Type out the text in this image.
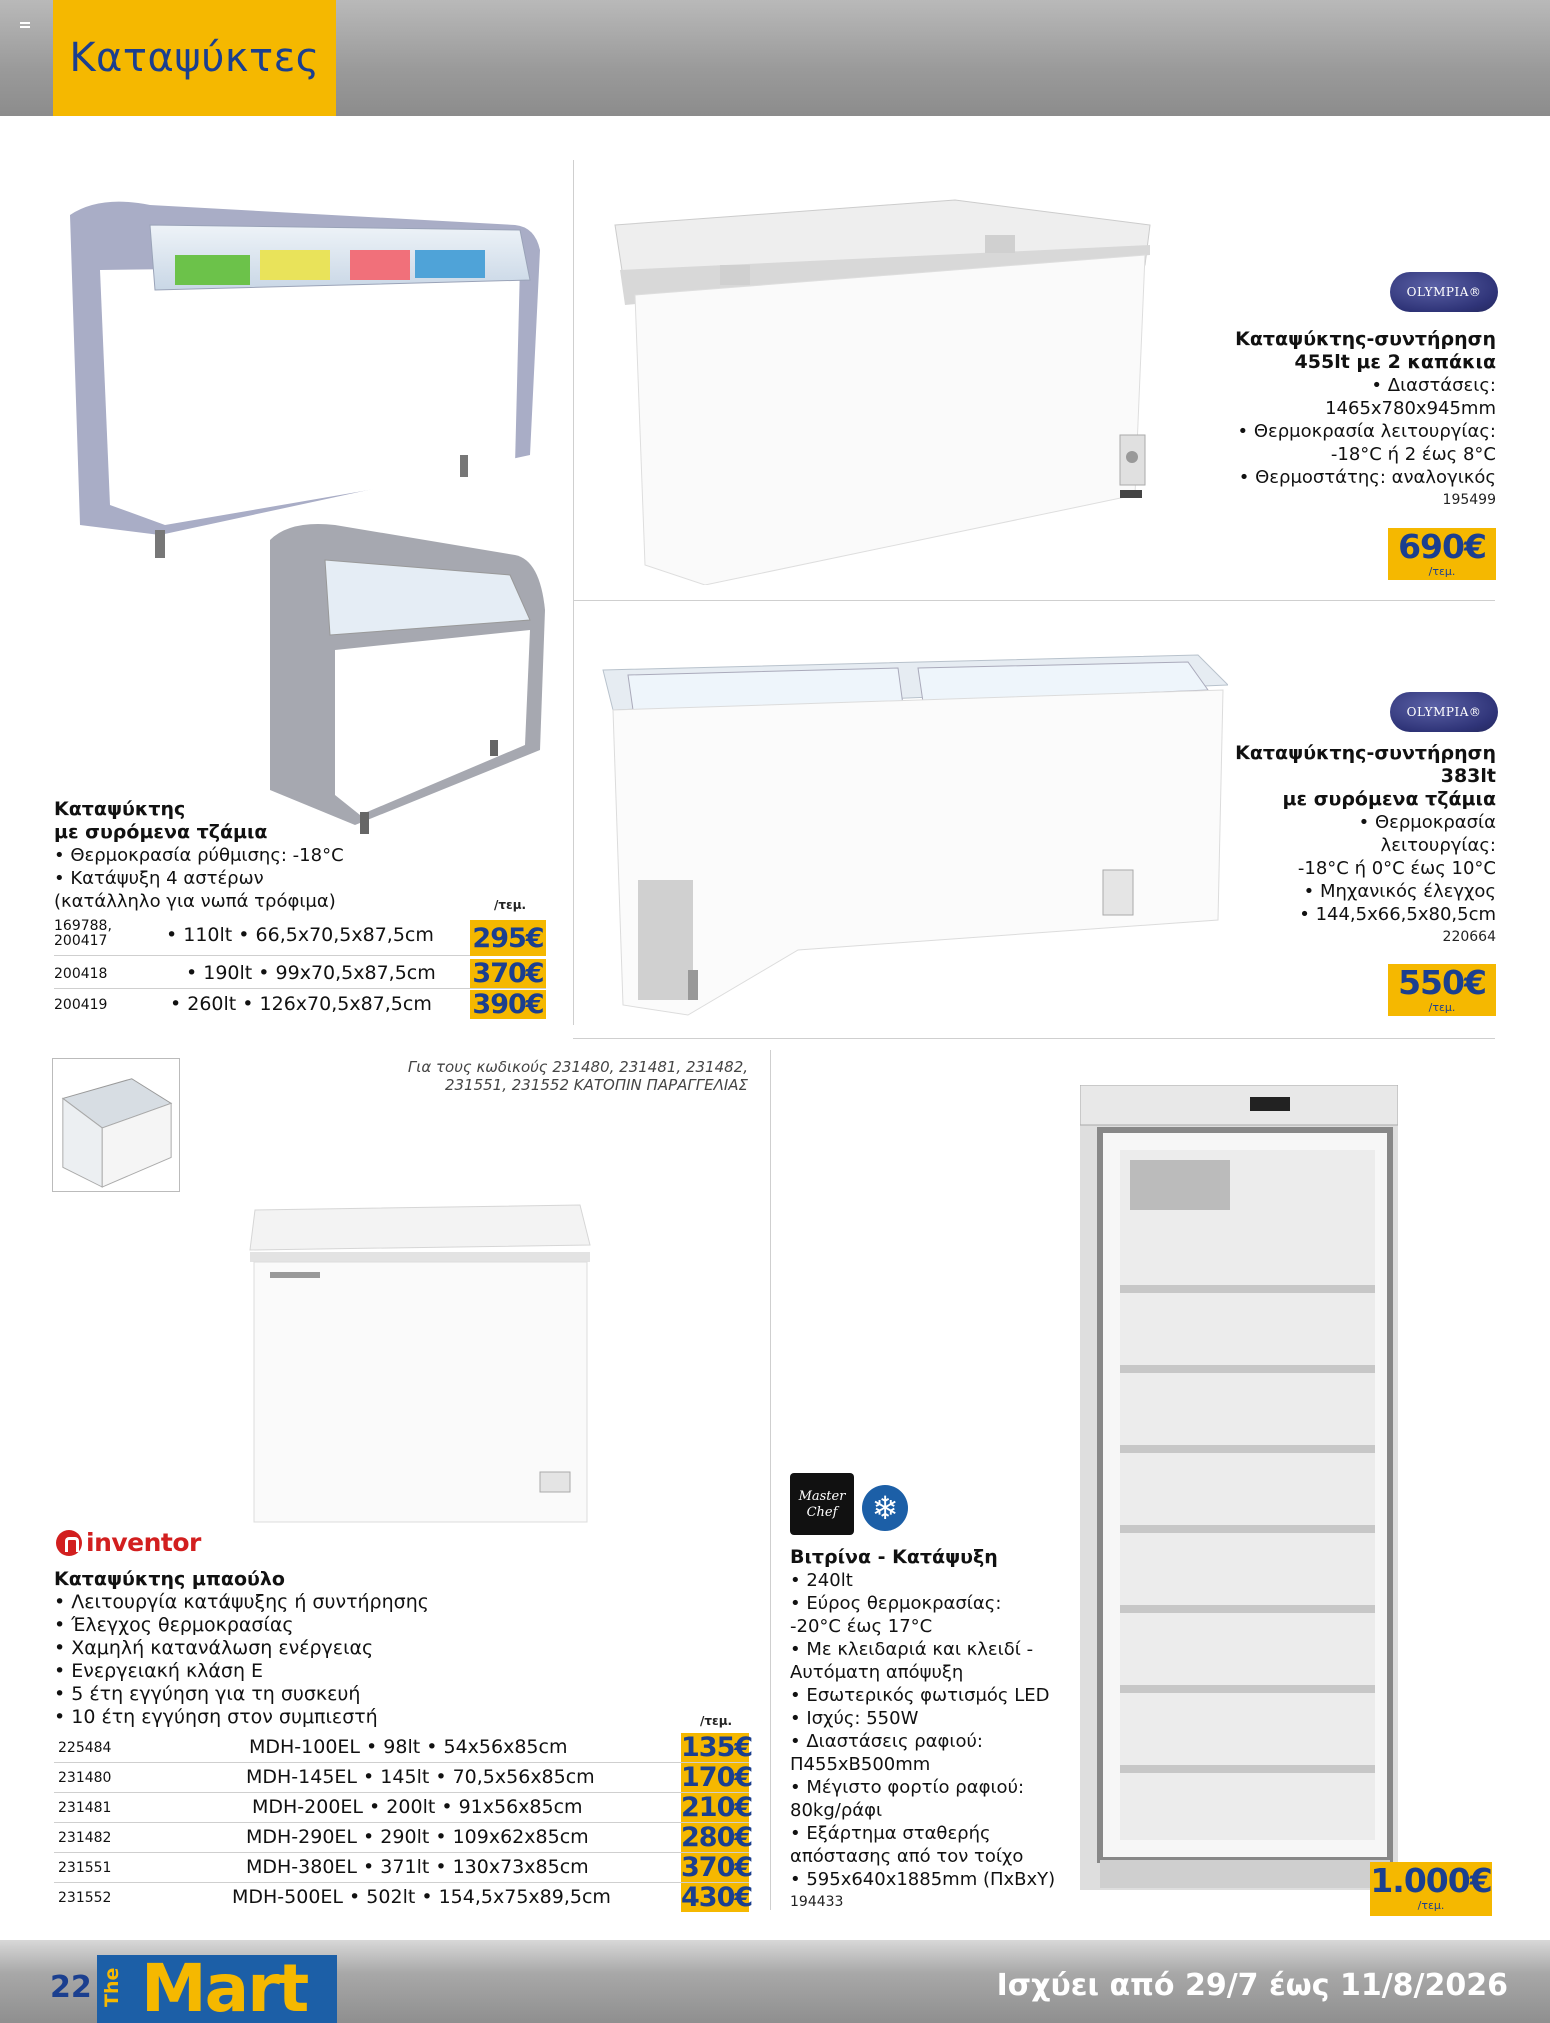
Καταψύκτες
OLYMPIA®
Καταψύκτης-συντήρηση
455lt με 2 καπάκια
• Διαστάσεις:
1465x780x945mm
• Θερμοκρασία λειτουργίας:
-18°C ή 2 έως 8°C
• Θερμοστάτης: αναλογικός
195499
690€
/τεμ.
OLYMPIA®
Καταψύκτης-συντήρηση
383lt
με συρόμενα τζάμια
• Θερμοκρασία
λειτουργίας:
-18°C ή 0°C έως 10°C
• Μηχανικός έλεγχος
• 144,5x66,5x80,5cm
220664
550€
/τεμ.
Καταψύκτης
με συρόμενα τζάμια
• Θερμοκρασία ρύθμισης: -18°C
• Κατάψυξη 4 αστέρων
(κατάλληλο για νωπά τρόφιμα)	/τεμ.
169788,
200417	• 110lt • 66,5x70,5x87,5cm 295€
200418	• 190lt • 99x70,5x87,5cm 370€
200419	• 260lt • 126x70,5x87,5cm 390€
Για τους κωδικούς 231480, 231481, 231482,
231551, 231552 ΚΑΤΟΠΙΝ ΠΑΡΑΓΓΕΛΙΑΣ
inventor
Καταψύκτης μπαούλο
• Λειτουργία κατάψυξης ή συντήρησης
• Έλεγχος θερμοκρασίας
• Χαμηλή κατανάλωση ενέργειας
• Ενεργειακή κλάση E
• 5 έτη εγγύηση για τη συσκευή
• 10 έτη εγγύηση στον συμπιεστή	/τεμ.
225484	MDH-100EL • 98lt • 54x56x85cm	135€
231480	MDH-145EL • 145lt • 70,5x56x85cm	170€
231481	MDH-200EL • 200lt • 91x56x85cm	210€
231482	MDH-290EL • 290lt • 109x62x85cm	280€
231551	MDH-380EL • 371lt • 130x73x85cm	370€
231552	MDH-500EL • 502lt • 154,5x75x89,5cm	430€
Master Chef	❄
Βιτρίνα - Κατάψυξη
• 240lt
• Εύρος θερμοκρασίας:
-20°C έως 17°C
• Με κλειδαριά και κλειδί -
Αυτόματη απόψυξη
• Εσωτερικός φωτισμός LED
• Ισχύς: 550W
• Διαστάσεις ραφιού:
Π455xΒ500mm
• Μέγιστο φορτίο ραφιού:
80kg/ράφι
• Εξάρτημα σταθερής
απόστασης από τον τοίχο
• 595x640x1885mm (ΠxΒxΥ)
194433
1.000€
/τεμ.
22 The Mart	Ισχύει από 29/7 έως 11/8/2026
